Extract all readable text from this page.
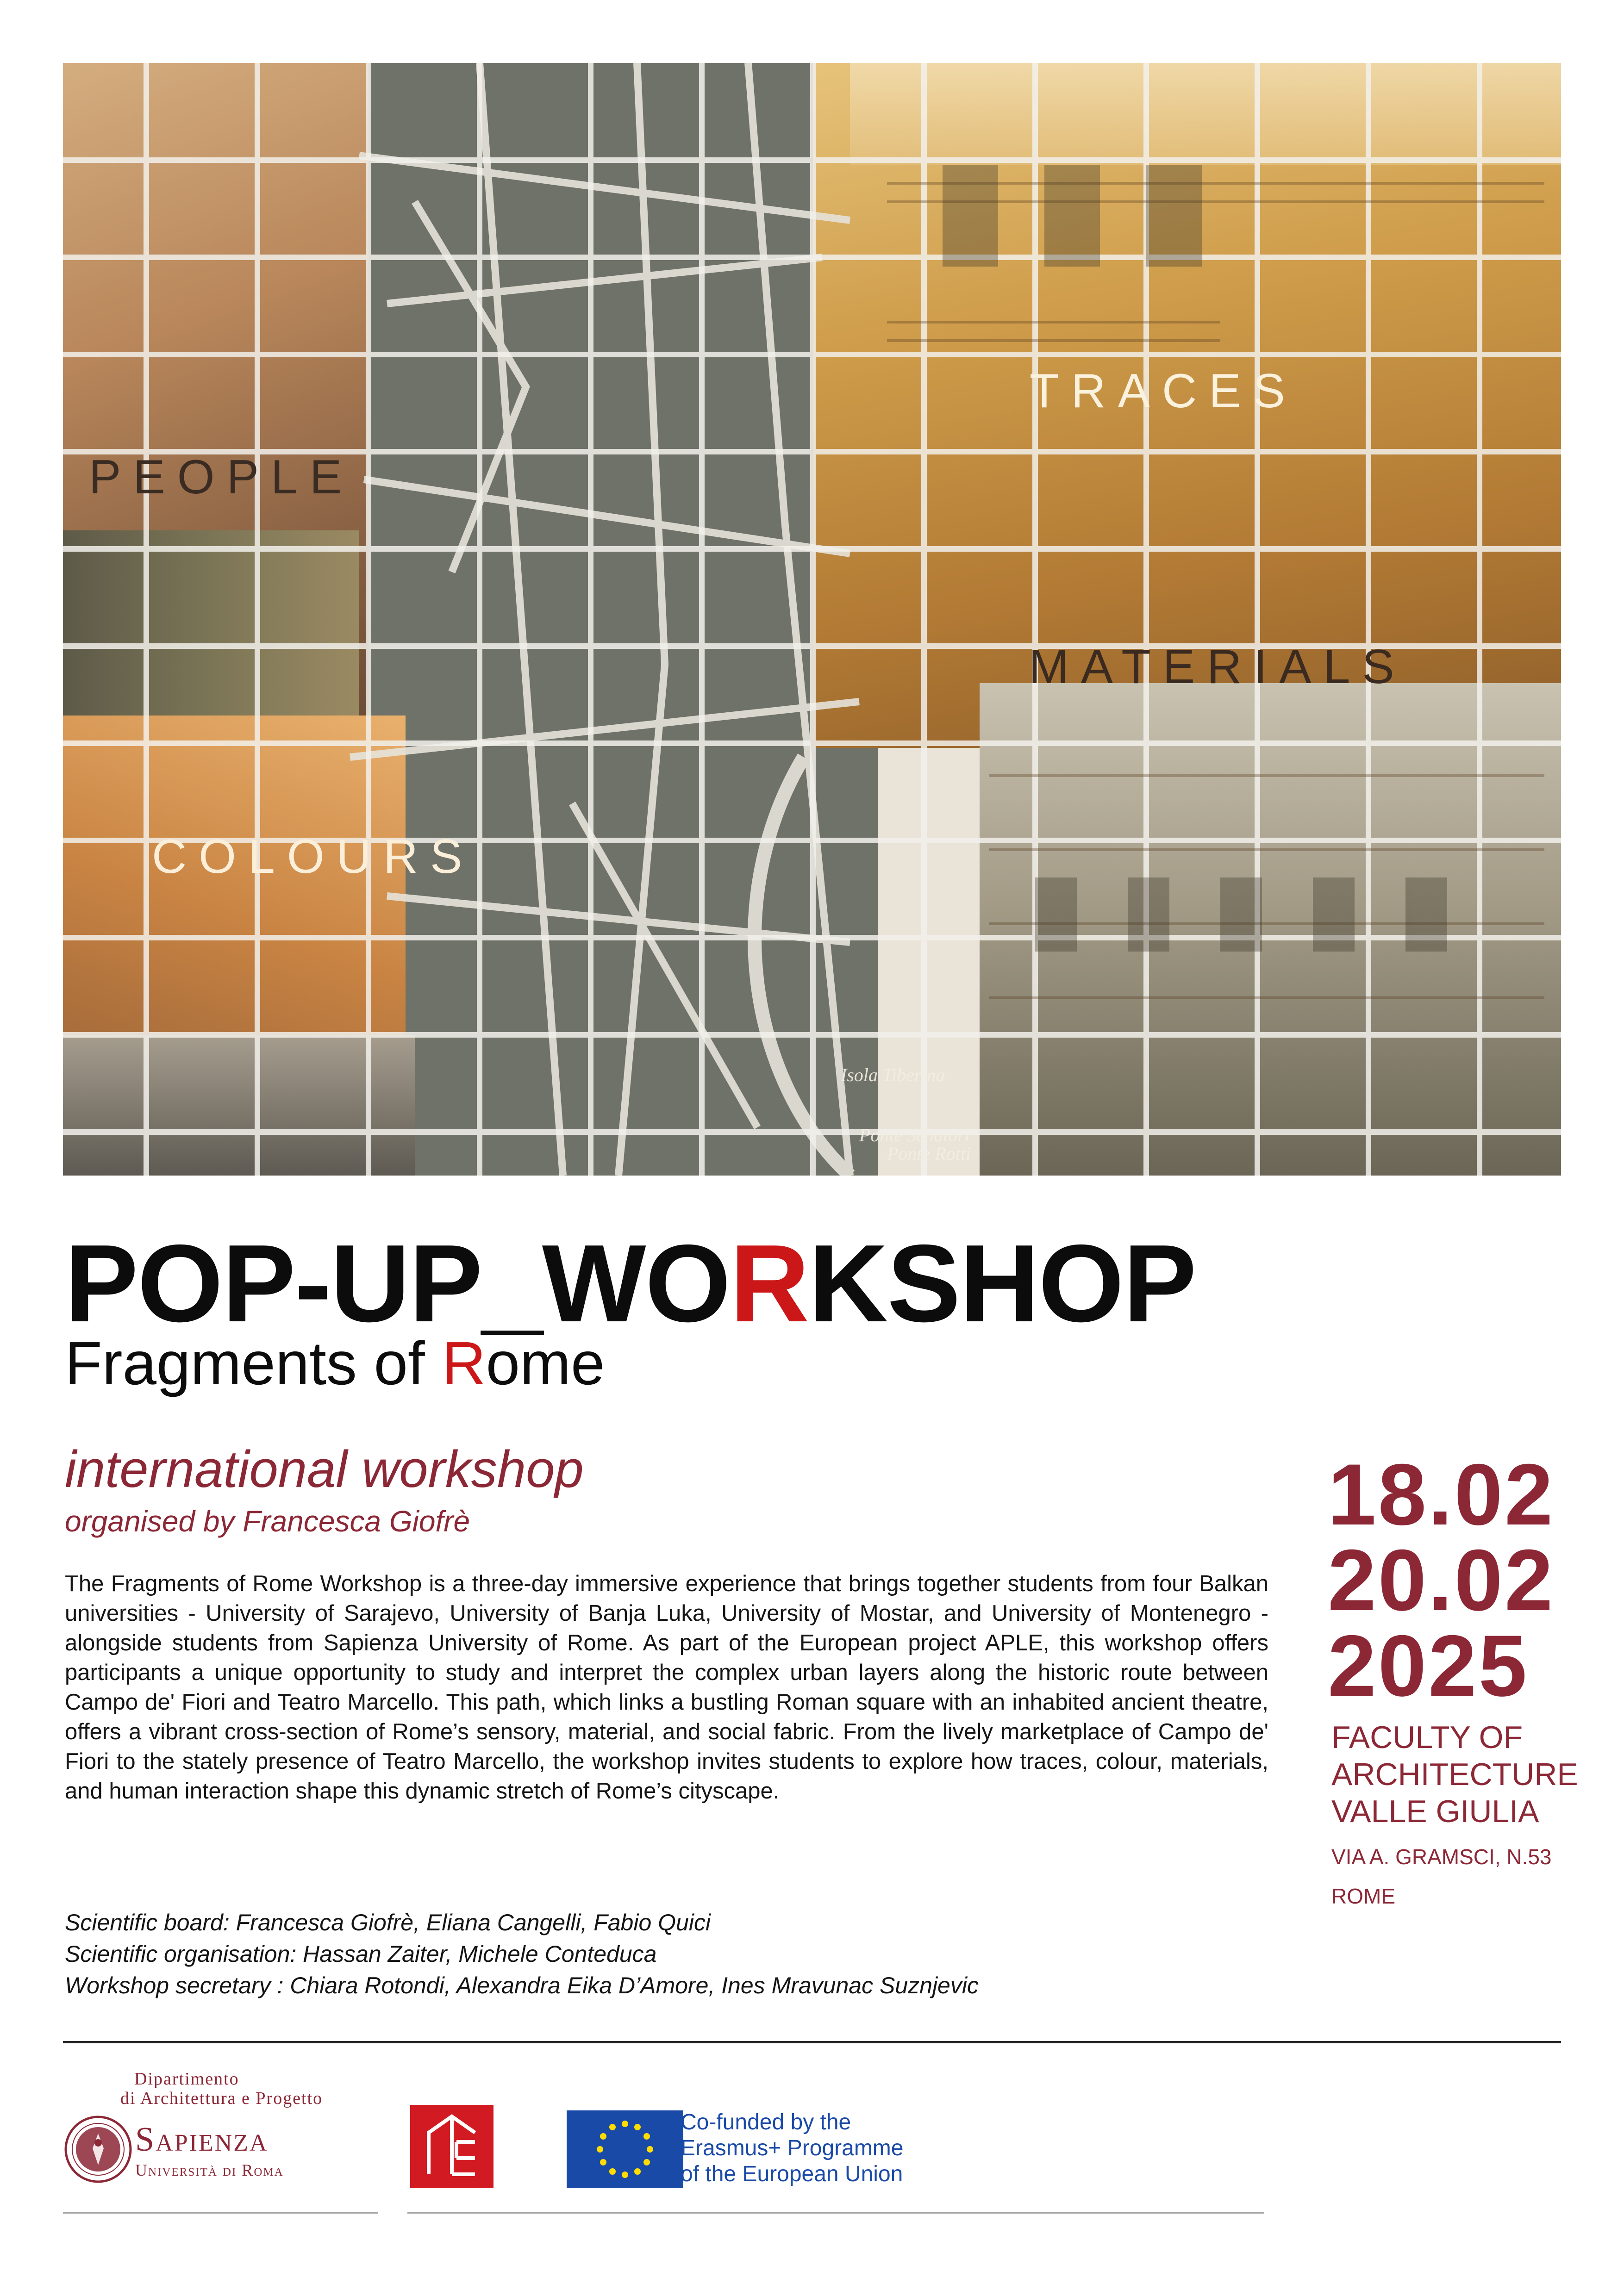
Ponte Senatori
Ponte Rotti
Isola Tiberina
PEOPLE
TRACES
MATERIALS
COLOURS
POP-UP_WORKSHOP
Fragments of Rome
international workshop
organised by Francesca Giofrè

The Fragments of Rome Workshop is a three-day immersive experience that brings together students from four Balkan universities - University of Sarajevo, University of Banja Luka, University of Mostar, and University of Montenegro - alongside students from Sapienza University of Rome. As part of the European project APLE, this workshop offers participants a unique opportunity to study and interpret the complex urban layers along the historic route between Campo de' Fiori and Teatro Marcello. This path, which links a bustling Roman square with an inhabited ancient theatre, offers a vibrant cross-section of Rome’s sensory, material, and social fabric. From the lively marketplace of Campo de' Fiori to the stately presence of Teatro Marcello, the workshop invites students to explore how traces, colour, materials, and human interaction shape this dynamic stretch of Rome’s cityscape.

Scientific board: Francesca Giofrè, Eliana Cangelli, Fabio Quici
Scientific organisation: Hassan Zaiter, Michele Conteduca
Workshop secretary : Chiara Rotondi, Alexandra Eika D’Amore, Ines Mravunac Suznjevic
18.02
20.02
2025
FACULTY OF
ARCHITECTURE
VALLE GIULIA
VIA A. GRAMSCI, N.53
ROME
Dipartimento
di Architettura e Progetto
Sapienza
Università di Roma
Co-funded by the
Erasmus+ Programme
of the European Union
